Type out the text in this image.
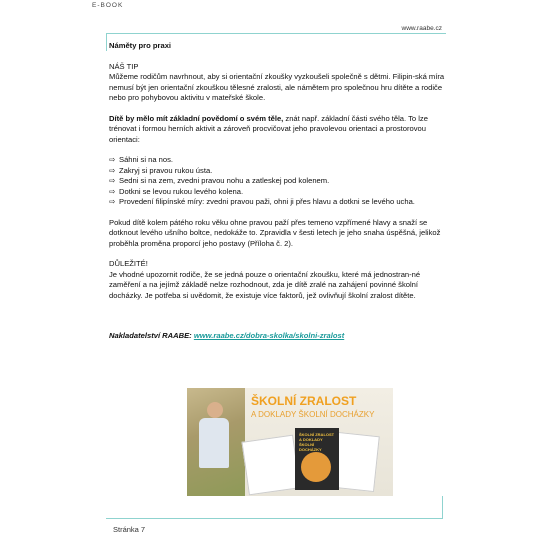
E-BOOK
www.raabe.cz

Náměty pro praxi

NÁŠ TIP

Můžeme rodičům navrhnout, aby si orientační zkoušky vyzkoušeli společně s dětmi. Filipin-ská míra nemusí být jen orientační zkouškou tělesné zralosti, ale námětem pro společnou hru dítěte a rodiče nebo pro pohybovou aktivitu v mateřské škole.

Dítě by mělo mít základní povědomí o svém těle, znát např. základní části svého těla. To lze trénovat i formou herních aktivit a zároveň procvičovat jeho pravolevou orientaci a prostorovou orientaci:

⇨ Sáhni si na nos.
⇨ Zakryj si pravou rukou ústa.
⇨ Sedni si na zem, zvedni pravou nohu a zatleskej pod kolenem.
⇨ Dotkni se levou rukou levého kolena.
⇨ Provedení filipínské míry: zvedni pravou paži, ohni ji přes hlavu a dotkni se levého ucha.

Pokud dítě kolem pátého roku věku ohne pravou paží přes temeno vzpřímené hlavy a snaží se dotknout levého ušního boltce, nedokáže to. Zpravidla v šesti letech je jeho snaha úspěšná, jelikož proběhla proměna proporcí jeho postavy (Příloha č. 2).

DŮLEŽITÉ!

Je vhodné upozornit rodiče, že se jedná pouze o orientační zkoušku, které má jednostran-né zaměření a na jejímž základě nelze rozhodnout, zda je dítě zralé na zahájení povinné školní docházky. Je potřeba si uvědomit, že existuje více faktorů, jež ovlivňují školní zralost dítěte.

Nakladatelství RAABE: www.raabe.cz/dobra-skolka/skolni-zralost

ŠKOLNÍ ZRALOST
A DOKLADY ŠKOLNÍ DOCHÁZKY
ŠKOLNÍ ZRALOST A DOKLADY ŠKOLNÍ DOCHÁZKY
Stránka 7
